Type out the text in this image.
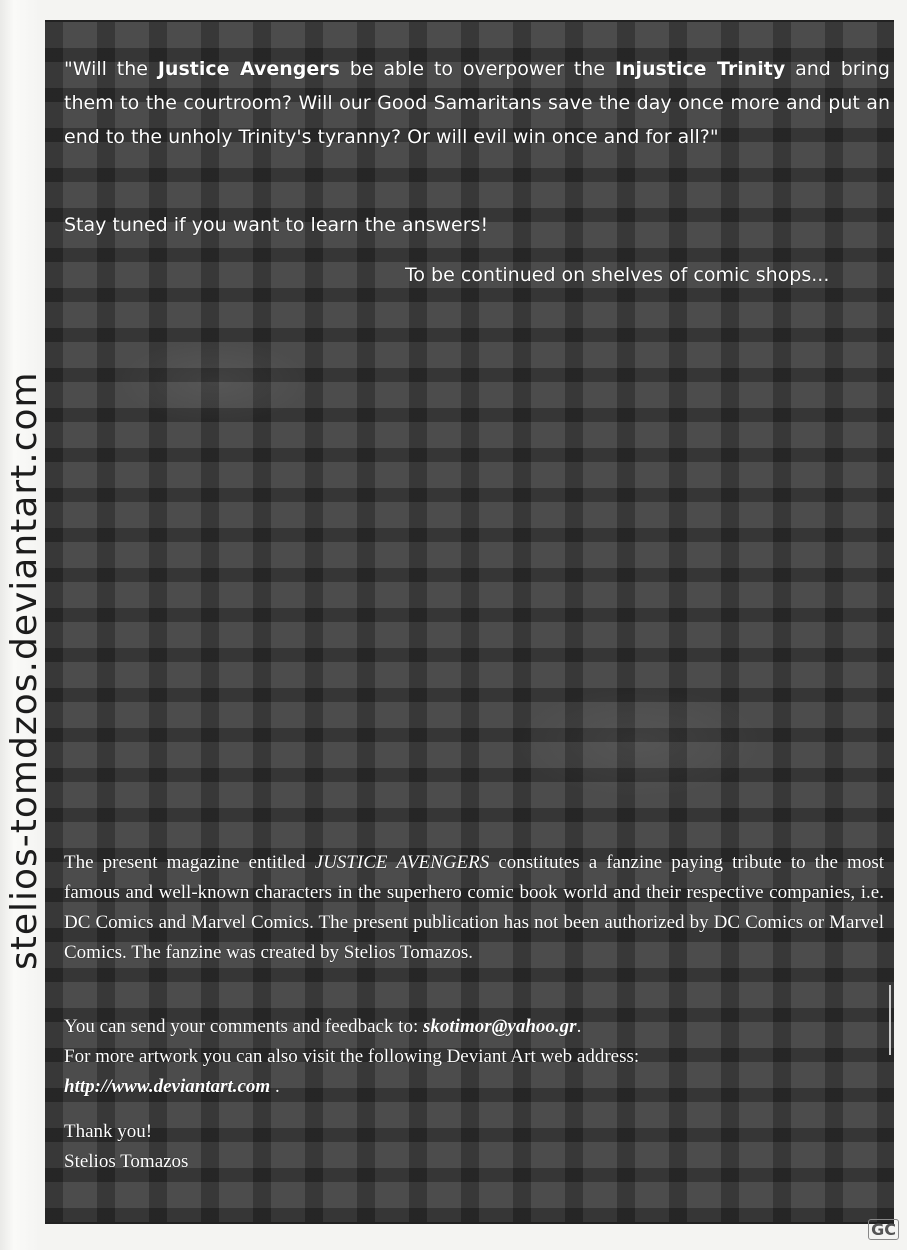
stelios-tomdzos.deviantart.com
"Will the Justice Avengers be able to overpower the Injustice Trinity and bring them to the courtroom? Will our Good Samaritans save the day once more and put an end to the unholy Trinity's tyranny? Or will evil win once and for all?"
Stay tuned if you want to learn the answers!
To be continued on shelves of comic shops...
The present magazine entitled JUSTICE AVENGERS constitutes a fanzine paying tribute to the most famous and well-known characters in the superhero comic book world and their respective companies, i.e. DC Comics and Marvel Comics. The present publication has not been authorized by DC Comics or Marvel Comics. The fanzine was created by Stelios Tomazos.
You can send your comments and feedback to: skotimor@yahoo.gr.
For more artwork you can also visit the following Deviant Art web address:
http://www.deviantart.com .
Thank you!
Stelios Tomazos
GC
